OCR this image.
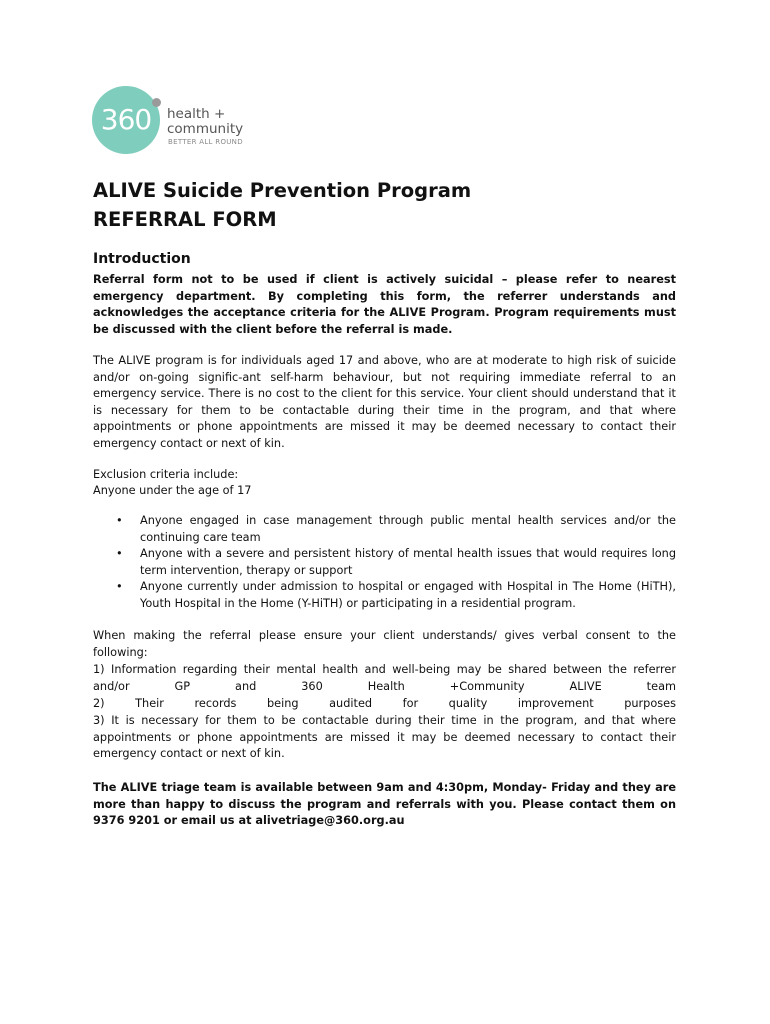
360	health +
community
BETTER ALL ROUND
ALIVE Suicide Prevention Program
REFERRAL FORM
Introduction

Referral form not to be used if client is actively suicidal – please refer to nearest emergency department. By completing this form, the referrer understands and acknowledges the acceptance criteria for the ALIVE Program. Program requirements must be discussed with the client before the referral is made.

The ALIVE program is for individuals aged 17 and above, who are at moderate to high risk of suicide and/or on-going signific-ant self-harm behaviour, but not requiring immediate referral to an emergency service. There is no cost to the client for this service. Your client should understand that it is necessary for them to be contactable during their time in the program, and that where appointments or phone appointments are missed it may be deemed necessary to contact their emergency contact or next of kin.

Exclusion criteria include:

Anyone under the age of 17

• Anyone engaged in case management through public mental health services and/or the continuing care team
• Anyone with a severe and persistent history of mental health issues that would requires long term intervention, therapy or support
• Anyone currently under admission to hospital or engaged with Hospital in The Home (HiTH), Youth Hospital in the Home (Y-HiTH) or participating in a residential program.

When making the referral please ensure your client understands/ gives verbal consent to the following:

1) Information regarding their mental health and well-being may be shared between the referrer and/or GP and 360 Health +Community ALIVE team

2) Their records being audited for quality improvement purposes

3) It is necessary for them to be contactable during their time in the program, and that where appointments or phone appointments are missed it may be deemed necessary to contact their emergency contact or next of kin.

The ALIVE triage team is available between 9am and 4:30pm, Monday- Friday and they are more than happy to discuss the program and referrals with you. Please contact them on 9376 9201 or email us at alivetriage@360.org.au
